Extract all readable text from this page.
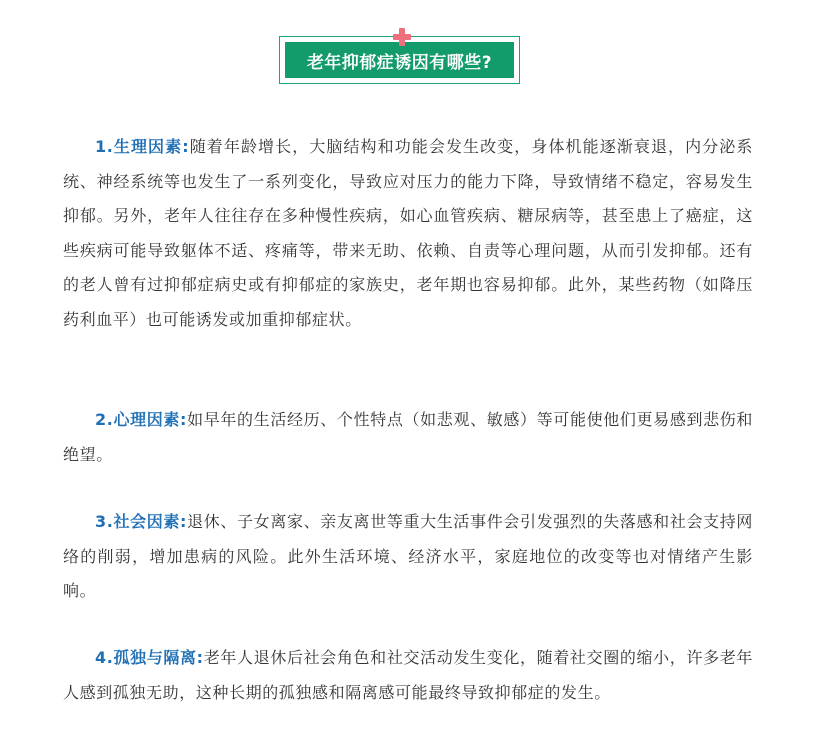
老年抑郁症诱因有哪些?

1.生理因素:随着年龄增长，大脑结构和功能会发生改变，身体机能逐渐衰退，内分泌系统、神经系统等也发生了一系列变化，导致应对压力的能力下降，导致情绪不稳定，容易发生抑郁。另外，老年人往往存在多种慢性疾病，如心血管疾病、糖尿病等，甚至患上了癌症，这些疾病可能导致躯体不适、疼痛等，带来无助、依赖、自责等心理问题，从而引发抑郁。还有的老人曾有过抑郁症病史或有抑郁症的家族史，老年期也容易抑郁。此外，某些药物（如降压药利血平）也可能诱发或加重抑郁症状。

2.心理因素:如早年的生活经历、个性特点（如悲观、敏感）等可能使他们更易感到悲伤和绝望。

3.社会因素:退休、子女离家、亲友离世等重大生活事件会引发强烈的失落感和社会支持网络的削弱，增加患病的风险。此外生活环境、经济水平，家庭地位的改变等也对情绪产生影响。

4.孤独与隔离:老年人退休后社会角色和社交活动发生变化，随着社交圈的缩小，许多老年人感到孤独无助，这种长期的孤独感和隔离感可能最终导致抑郁症的发生。
